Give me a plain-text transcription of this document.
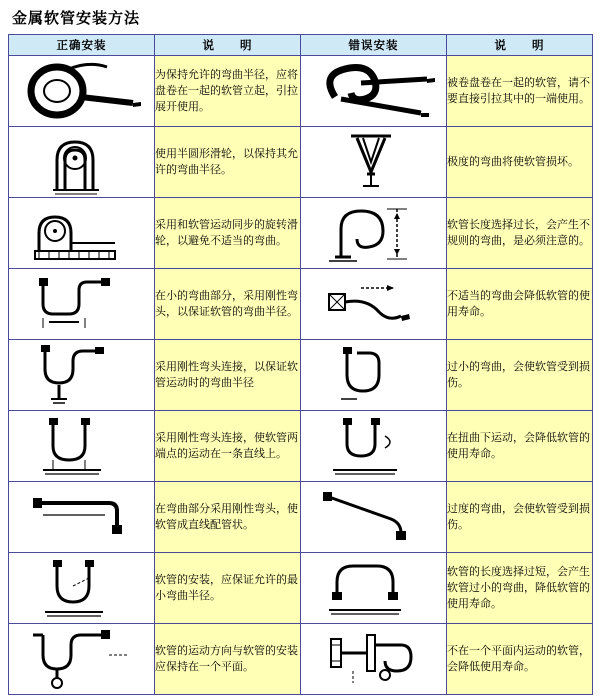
金属软管安装方法
正确安装	说　　明	错误安装	说　　明

	为保持允许的弯曲半径，应将盘卷在一起的软管立起，引拉展开使用。		被卷盘卷在一起的软管，请不要直接引拉其中的一端使用。

	使用半圆形滑轮，以保持其允许的弯曲半径。		极度的弯曲将使软管损坏。

	采用和软管运动同步的旋转滑轮，以避免不适当的弯曲。		软管长度选择过长，会产生不规则的弯曲，是必须注意的。

	在小的弯曲部分，采用刚性弯头，以保证软管的弯曲半径。		不适当的弯曲会降低软管的使用寿命。

	采用刚性弯头连接，以保证软管运动时的弯曲半径		过小的弯曲，会使软管受到损伤。

	采用刚性弯头连接，使软管两端点的运动在一条直线上。		在扭曲下运动，会降低软管的使用寿命。

	在弯曲部分采用刚性弯头，使软管成直线配管状。		过度的弯曲，会使软管受到损伤。

	软管的安装，应保证允许的最小弯曲半径。		软管的长度选择过短，会产生软管过小的弯曲，降低软管的使用寿命。

	软管的运动方向与软管的安装应保持在一个平面。		不在一个平面内运动的软管，会降低使用寿命。
